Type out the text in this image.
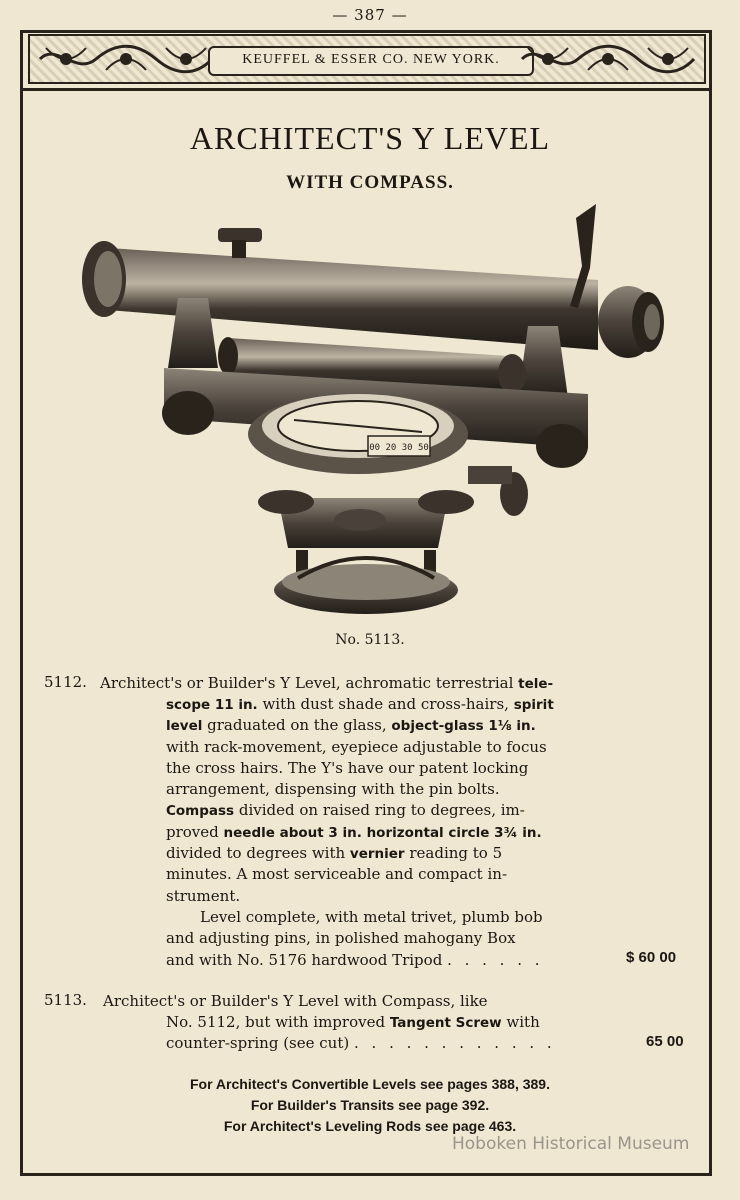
— 387 —
KEUFFEL & ESSER CO. NEW YORK.
ARCHITECT'S Y LEVEL
WITH COMPASS.
00 20 30 50
No. 5113.
5112. Architect's or Builder's Y Level, achromatic terrestrial tele-
scope 11 in. with dust shade and cross-hairs, spirit
level graduated on the glass, object-glass 1⅛ in.
with rack-movement, eyepiece adjustable to focus
the cross hairs. The Y's have our patent locking
arrangement, dispensing with the pin bolts.
Compass divided on raised ring to degrees, im-
proved needle about 3 in. horizontal circle 3¾ in.
divided to degrees with vernier reading to 5
minutes. A most serviceable and compact in-
strument.
Level complete, with metal trivet, plumb bob
and adjusting pins, in polished mahogany Box
and with No. 5176 hardwood Tripod . . . . . .	$ 60 00
5113. Architect's or Builder's Y Level with Compass, like
No. 5112, but with improved Tangent Screw with
counter-spring (see cut) . . . . . . . . . . . .	65 00
For Architect's Convertible Levels see pages 388, 389.
For Builder's Transits see page 392.
For Architect's Leveling Rods see page 463.
Hoboken Historical Museum
